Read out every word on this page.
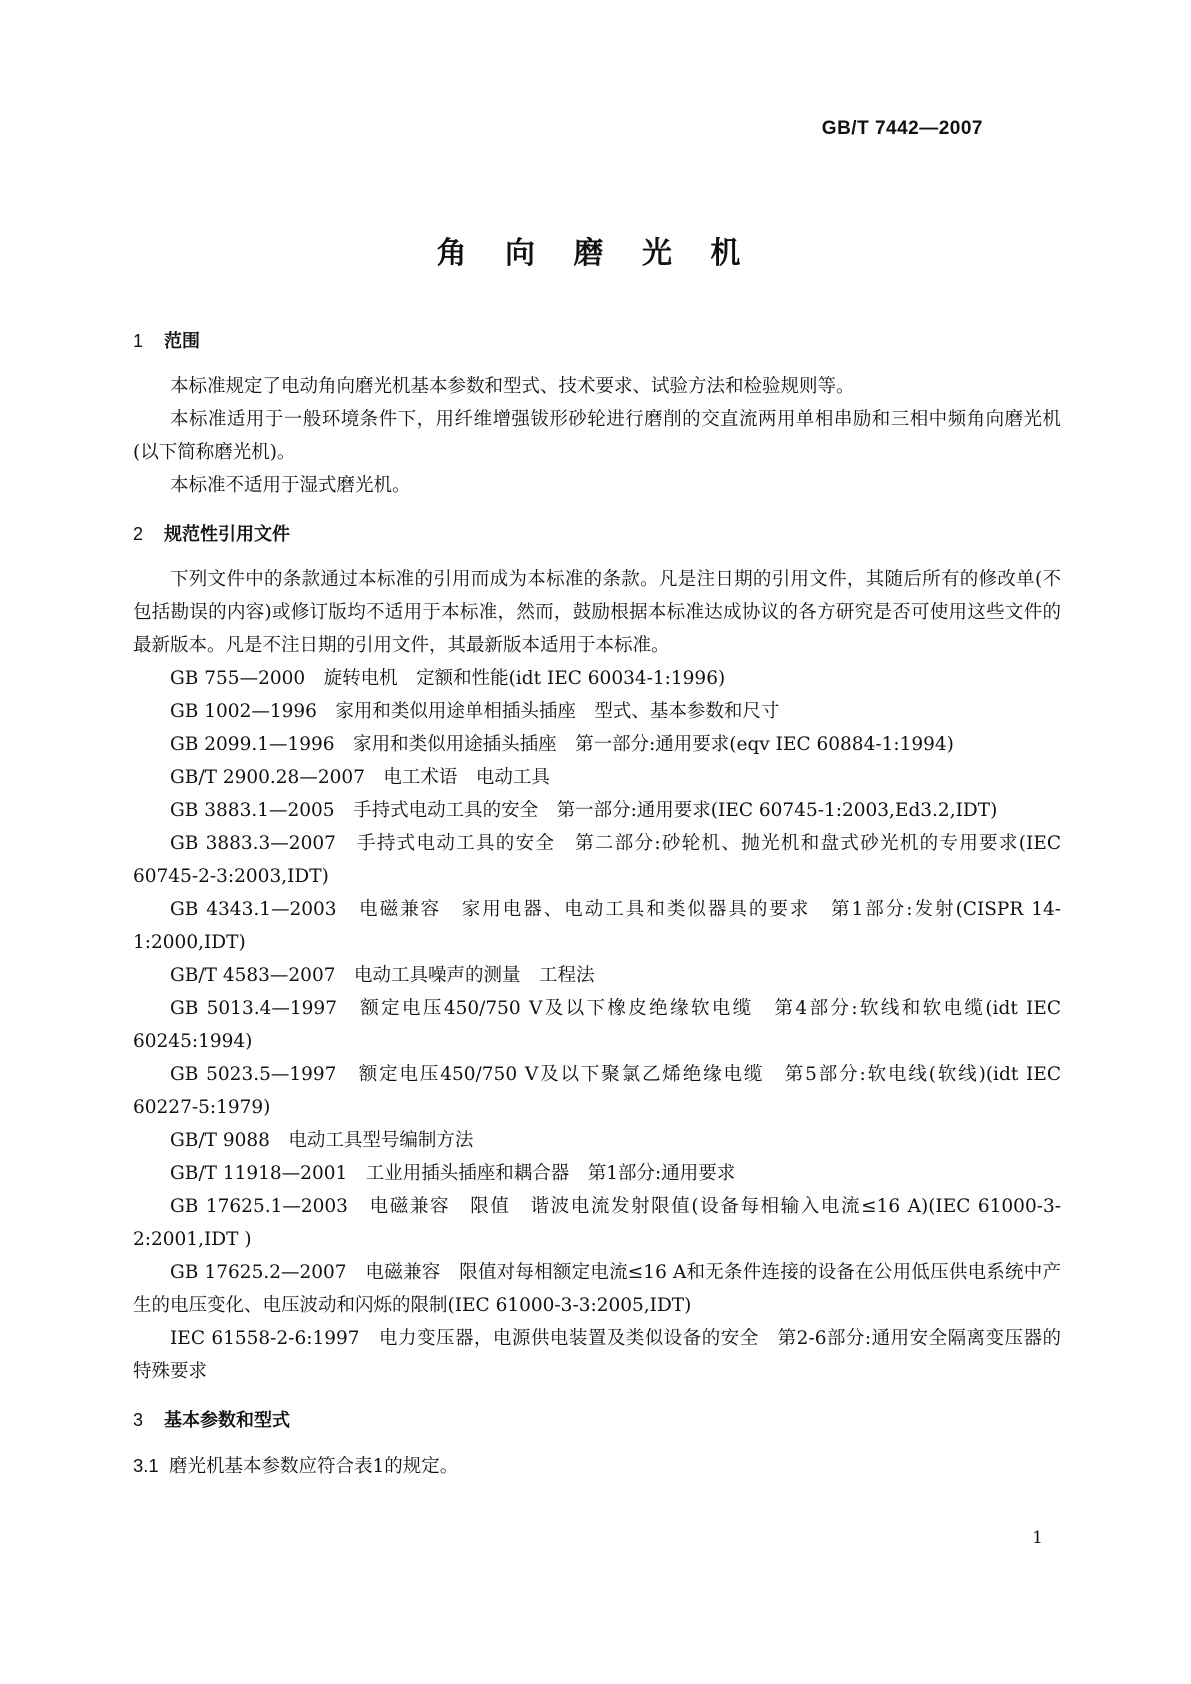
GB/T 7442—2007
角 向 磨 光 机

1 范围

本标准规定了电动角向磨光机基本参数和型式、技术要求、试验方法和检验规则等。

本标准适用于一般环境条件下，用纤维增强钹形砂轮进行磨削的交直流两用单相串励和三相中频角向磨光机(以下简称磨光机)。

本标准不适用于湿式磨光机。

2 规范性引用文件

下列文件中的条款通过本标准的引用而成为本标准的条款。凡是注日期的引用文件，其随后所有的修改单(不包括勘误的内容)或修订版均不适用于本标准，然而，鼓励根据本标准达成协议的各方研究是否可使用这些文件的最新版本。凡是不注日期的引用文件，其最新版本适用于本标准。

GB 755—2000　旋转电机　定额和性能(idt IEC 60034-1:1996)

GB 1002—1996　家用和类似用途单相插头插座　型式、基本参数和尺寸

GB 2099.1—1996　家用和类似用途插头插座　第一部分:通用要求(eqv IEC 60884-1:1994)

GB/T 2900.28—2007　电工术语　电动工具

GB 3883.1—2005　手持式电动工具的安全　第一部分:通用要求(IEC 60745-1:2003,Ed3.2,IDT)

GB 3883.3—2007　手持式电动工具的安全　第二部分:砂轮机、抛光机和盘式砂光机的专用要求(IEC 60745-2-3:2003,IDT)

GB 4343.1—2003　电磁兼容　家用电器、电动工具和类似器具的要求　第1部分:发射(CISPR 14-1:2000,IDT)

GB/T 4583—2007　电动工具噪声的测量　工程法

GB 5013.4—1997　额定电压450/750 V及以下橡皮绝缘软电缆　第4部分:软线和软电缆(idt IEC 60245:1994)

GB 5023.5—1997　额定电压450/750 V及以下聚氯乙烯绝缘电缆　第5部分:软电线(软线)(idt IEC 60227-5:1979)

GB/T 9088　电动工具型号编制方法

GB/T 11918—2001　工业用插头插座和耦合器　第1部分:通用要求

GB 17625.1—2003　电磁兼容　限值　谐波电流发射限值(设备每相输入电流≤16 A)(IEC 61000-3-2:2001,IDT )

GB 17625.2—2007　电磁兼容　限值对每相额定电流≤16 A和无条件连接的设备在公用低压供电系统中产生的电压变化、电压波动和闪烁的限制(IEC 61000-3-3:2005,IDT)

IEC 61558-2-6:1997　电力变压器，电源供电装置及类似设备的安全　第2-6部分:通用安全隔离变压器的特殊要求

3 基本参数和型式

3.1 磨光机基本参数应符合表1的规定。

1
